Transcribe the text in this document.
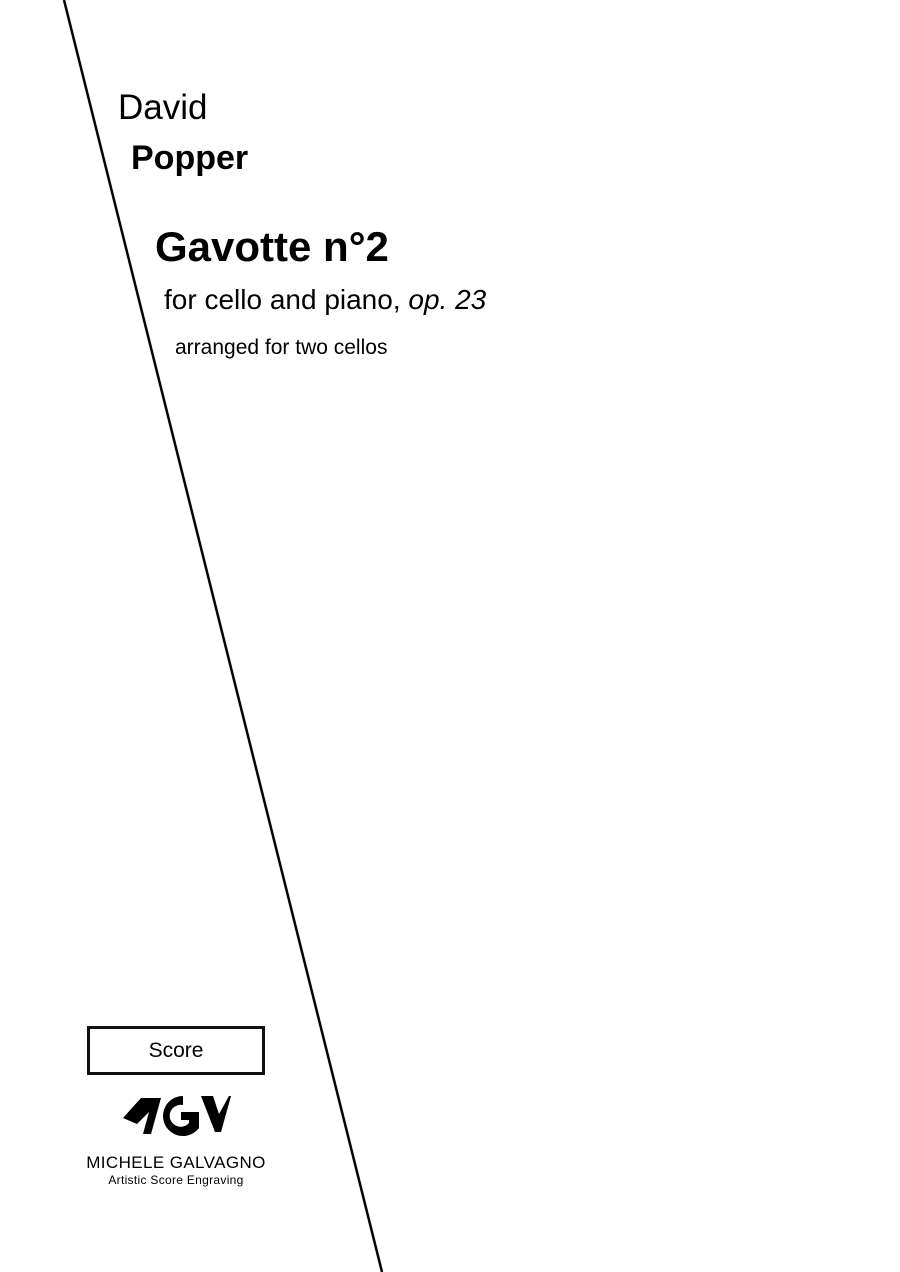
David
Popper
Gavotte n°2
for cello and piano, op. 23
arranged for two cellos
Score
MICHELE GALVAGNO
Artistic Score Engraving
